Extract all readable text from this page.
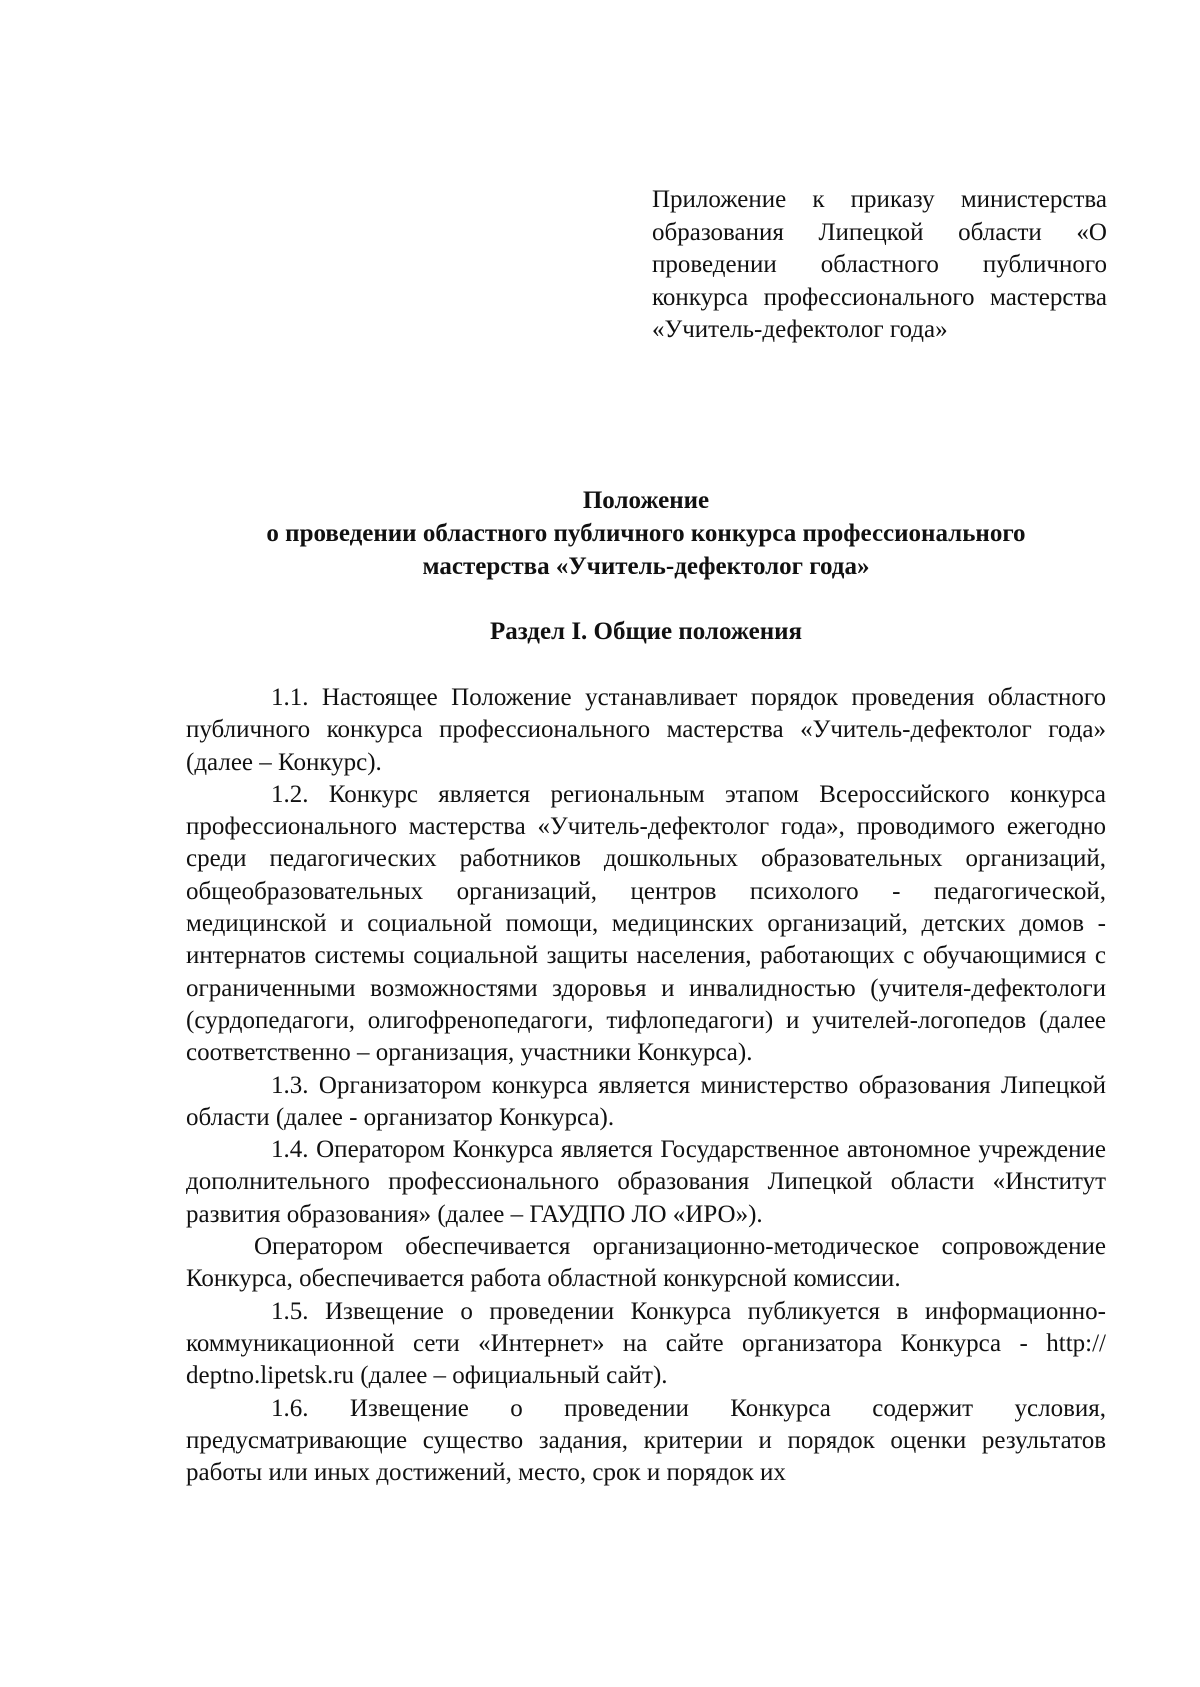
Приложение к приказу министерства образования Липецкой области «О проведении областного публичного конкурса профессионального мастерства «Учитель-дефектолог года»
Положение
о проведении областного публичного конкурса профессионального
мастерства «Учитель-дефектолог года»
Раздел I. Общие положения

1.1. Настоящее Положение устанавливает порядок проведения областного публичного конкурса профессионального мастерства «Учитель-дефектолог года» (далее – Конкурс).

1.2. Конкурс является региональным этапом Всероссийского конкурса профессионального мастерства «Учитель-дефектолог года», проводимого ежегодно среди педагогических работников дошкольных образовательных организаций, общеобразовательных организаций, центров психолого - педагогической, медицинской и социальной помощи, медицинских организаций, детских домов - интернатов системы социальной защиты населения, работающих с обучающимися с ограниченными возможностями здоровья и инвалидностью (учителя-дефектологи (сурдопедагоги, олигофренопедагоги, тифлопедагоги) и учителей-логопедов (далее соответственно – организация, участники Конкурса).

1.3. Организатором конкурса является министерство образования Липецкой области (далее - организатор Конкурса).

1.4. Оператором Конкурса является Государственное автономное учреждение дополнительного профессионального образования Липецкой области «Институт развития образования» (далее – ГАУДПО ЛО «ИРО»).

Оператором обеспечивается организационно-методическое сопровождение Конкурса, обеспечивается работа областной конкурсной комиссии.

1.5. Извещение о проведении Конкурса публикуется в информационно-коммуникационной сети «Интернет» на сайте организатора Конкурса - http:// deptno.lipetsk.ru (далее – официальный сайт).

1.6. Извещение о проведении Конкурса содержит условия, предусматривающие существо задания, критерии и порядок оценки результатов работы или иных достижений, место, срок и порядок их
